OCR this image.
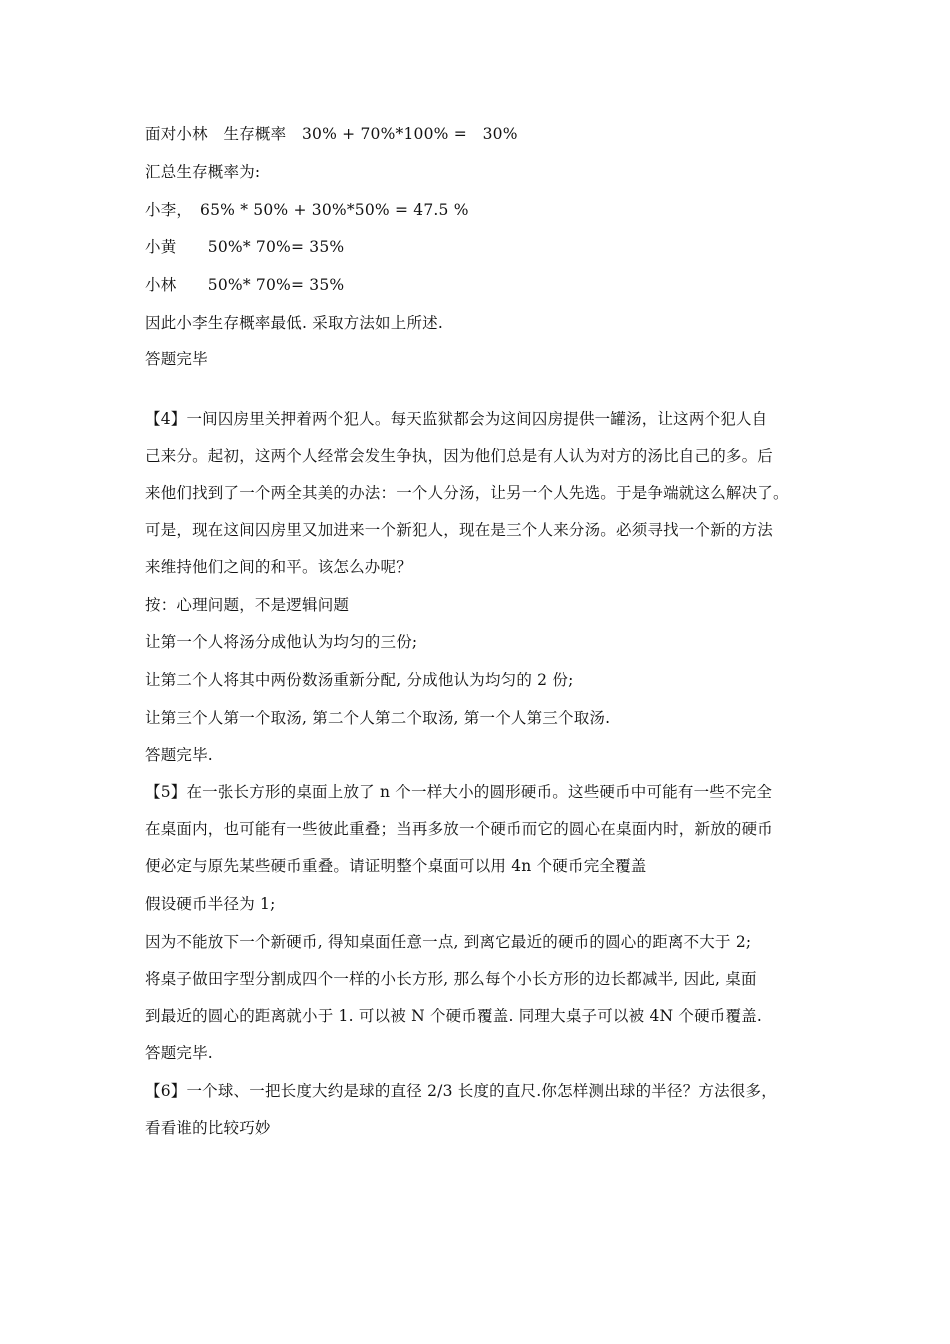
面对小林　生存概率　30% + 70%*100% =　30%
汇总生存概率为:
小李，　65% * 50% + 30%*50% = 47.5 %
小黄　　50%* 70%= 35%
小林　　50%* 70%= 35%
因此小李生存概率最低. 采取方法如上所述.
答题完毕
【4】一间囚房里关押着两个犯人。每天监狱都会为这间囚房提供一罐汤，让这两个犯人自
己来分。起初，这两个人经常会发生争执，因为他们总是有人认为对方的汤比自己的多。后
来他们找到了一个两全其美的办法：一个人分汤，让另一个人先选。于是争端就这么解决了。
可是，现在这间囚房里又加进来一个新犯人，现在是三个人来分汤。必须寻找一个新的方法
来维持他们之间的和平。该怎么办呢？
按：心理问题，不是逻辑问题
让第一个人将汤分成他认为均匀的三份;
让第二个人将其中两份数汤重新分配, 分成他认为均匀的 2 份;
让第三个人第一个取汤, 第二个人第二个取汤, 第一个人第三个取汤.
答题完毕.
【5】在一张长方形的桌面上放了 n 个一样大小的圆形硬币。这些硬币中可能有一些不完全
在桌面内，也可能有一些彼此重叠；当再多放一个硬币而它的圆心在桌面内时，新放的硬币
便必定与原先某些硬币重叠。请证明整个桌面可以用 4n 个硬币完全覆盖
假设硬币半径为 1;
因为不能放下一个新硬币, 得知桌面任意一点, 到离它最近的硬币的圆心的距离不大于 2;
将桌子做田字型分割成四个一样的小长方形, 那么每个小长方形的边长都减半, 因此, 桌面
到最近的圆心的距离就小于 1. 可以被 N 个硬币覆盖. 同理大桌子可以被 4N 个硬币覆盖.
答题完毕.
【6】一个球、一把长度大约是球的直径 2/3 长度的直尺.你怎样测出球的半径？方法很多，
看看谁的比较巧妙
